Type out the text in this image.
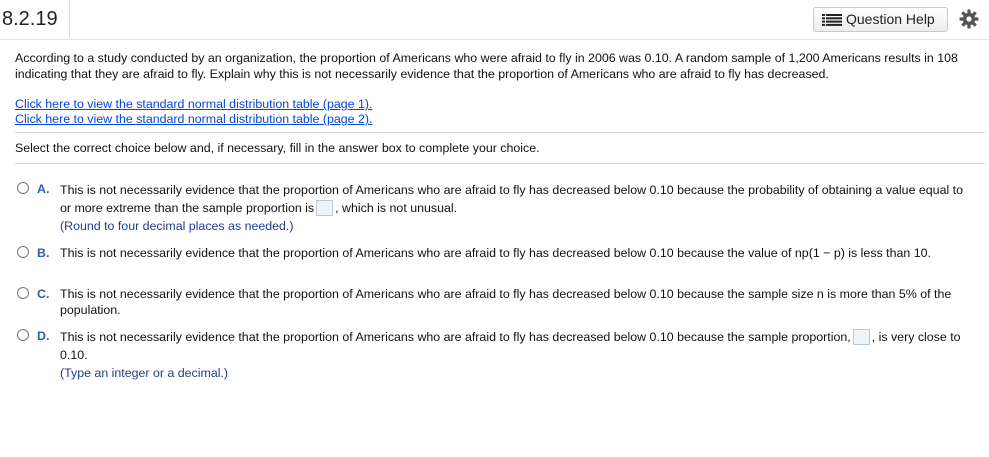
8.2.19	Question Help
According to a study conducted by an organization, the proportion of Americans who were afraid to fly in 2006 was 0.10. A random sample of 1,200 Americans results in 108 indicating that they are afraid to fly. Explain why this is not necessarily evidence that the proportion of Americans who are afraid to fly has decreased.
Click here to view the standard normal distribution table (page 1).
Click here to view the standard normal distribution table (page 2).
Select the correct choice below and, if necessary, fill in the answer box to complete your choice.
A. This is not necessarily evidence that the proportion of Americans who are afraid to fly has decreased below 0.10 because the probability of obtaining a value equal to or more extreme than the sample proportion is , which is not unusual.
(Round to four decimal places as needed.)
B. This is not necessarily evidence that the proportion of Americans who are afraid to fly has decreased below 0.10 because the value of np(1 − p) is less than 10.
C. This is not necessarily evidence that the proportion of Americans who are afraid to fly has decreased below 0.10 because the sample size n is more than 5% of the population.
D. This is not necessarily evidence that the proportion of Americans who are afraid to fly has decreased below 0.10 because the sample proportion, , is very close to 0.10.
(Type an integer or a decimal.)
